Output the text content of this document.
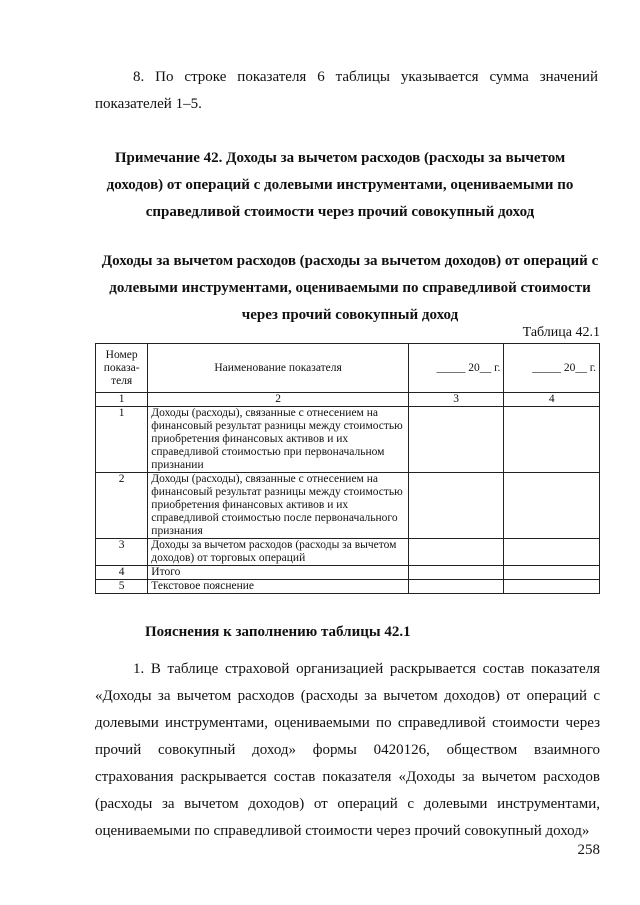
8. По строке показателя 6 таблицы указывается сумма значений показателей 1–5.

Примечание 42. Доходы за вычетом расходов (расходы за вычетом доходов) от операций с долевыми инструментами, оцениваемыми по справедливой стоимости через прочий совокупный доход
Доходы за вычетом расходов (расходы за вычетом доходов) от операций с долевыми инструментами, оцениваемыми по справедливой стоимости через прочий совокупный доход
Таблица 42.1
Номер показа-теля	Наименование показателя	_____ 20__ г.	_____ 20__ г.
1	2	3	4
1	Доходы (расходы), связанные с отнесением на финансовый результат разницы между стоимостью приобретения финансовых активов и их справедливой стоимостью при первоначальном признании		
2	Доходы (расходы), связанные с отнесением на финансовый результат разницы между стоимостью приобретения финансовых активов и их справедливой стоимостью после первоначального признания		
3	Доходы за вычетом расходов (расходы за вычетом доходов) от торговых операций		
4	Итого		
5	Текстовое пояснение		
Пояснения к заполнению таблицы 42.1

1. В таблице страховой организацией раскрывается состав показателя «Доходы за вычетом расходов (расходы за вычетом доходов) от операций с долевыми инструментами, оцениваемыми по справедливой стоимости через прочий совокупный доход» формы 0420126, обществом взаимного страхования раскрывается состав показателя «Доходы за вычетом расходов (расходы за вычетом доходов) от операций с долевыми инструментами, оцениваемыми по справедливой стоимости через прочий совокупный доход»

258
